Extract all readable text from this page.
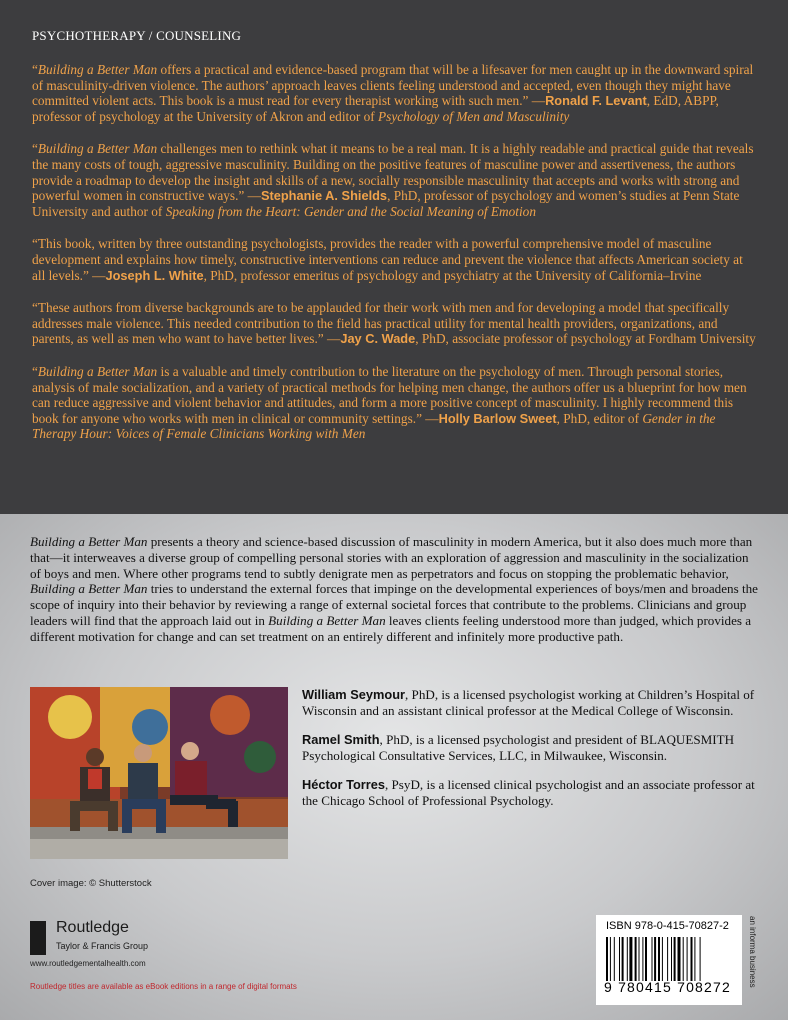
PSYCHOTHERAPY / COUNSELING

“Building a Better Man offers a practical and evidence-based program that will be a lifesaver for men caught up in the downward spiral of masculinity-driven violence. The authors’ approach leaves clients feeling understood and accepted, even though they might have committed violent acts. This book is a must read for every therapist working with such men.” —Ronald F. Levant, EdD, ABPP, professor of psychology at the University of Akron and editor of Psychology of Men and Masculinity

“Building a Better Man challenges men to rethink what it means to be a real man. It is a highly readable and practical guide that reveals the many costs of tough, aggressive masculinity. Building on the positive features of masculine power and assertiveness, the authors provide a roadmap to develop the insight and skills of a new, socially responsible masculinity that accepts and works with strong and powerful women in constructive ways.” —Stephanie A. Shields, PhD, professor of psychology and women’s studies at Penn State University and author of Speaking from the Heart: Gender and the Social Meaning of Emotion

“This book, written by three outstanding psychologists, provides the reader with a powerful comprehensive model of masculine development and explains how timely, constructive interventions can reduce and prevent the violence that affects American society at all levels.” —Joseph L. White, PhD, professor emeritus of psychology and psychiatry at the University of California–Irvine

“These authors from diverse backgrounds are to be applauded for their work with men and for developing a model that specifically addresses male violence. This needed contribution to the field has practical utility for mental health providers, organizations, and parents, as well as men who want to have better lives.” —Jay C. Wade, PhD, associate professor of psychology at Fordham University

“Building a Better Man is a valuable and timely contribution to the literature on the psychology of men. Through personal stories, analysis of male socialization, and a variety of practical methods for helping men change, the authors offer us a blueprint for how men can reduce aggressive and violent behavior and attitudes, and form a more positive concept of masculinity. I highly recommend this book for anyone who works with men in clinical or community settings.” —Holly Barlow Sweet, PhD, editor of Gender in the Therapy Hour: Voices of Female Clinicians Working with Men

Building a Better Man presents a theory and science-based discussion of masculinity in modern America, but it also does much more than that—it interweaves a diverse group of compelling personal stories with an exploration of aggression and masculinity in the socialization of boys and men. Where other programs tend to subtly denigrate men as perpetrators and focus on stopping the problematic behavior, Building a Better Man tries to understand the external forces that impinge on the developmental experiences of boys/men and broadens the scope of inquiry into their behavior by reviewing a range of external societal forces that contribute to the problems. Clinicians and group leaders will find that the approach laid out in Building a Better Man leaves clients feeling understood more than judged, which provides a different motivation for change and can set treatment on an entirely different and infinitely more productive path.

William Seymour, PhD, is a licensed psychologist working at Children’s Hospital of Wisconsin and an assistant clinical professor at the Medical College of Wisconsin.

Ramel Smith, PhD, is a licensed psychologist and president of BLAQUESMITH Psychological Consultative Services, LLC, in Milwaukee, Wisconsin.

Héctor Torres, PsyD, is a licensed clinical psychologist and an associate professor at the Chicago School of Professional Psychology.

Cover image: © Shutterstock
Routledge
Taylor & Francis Group
www.routledgementalhealth.com
Routledge titles are available as eBook editions in a range of digital formats
ISBN 978-0-415-70827-2
9 780415 708272 an informa business
